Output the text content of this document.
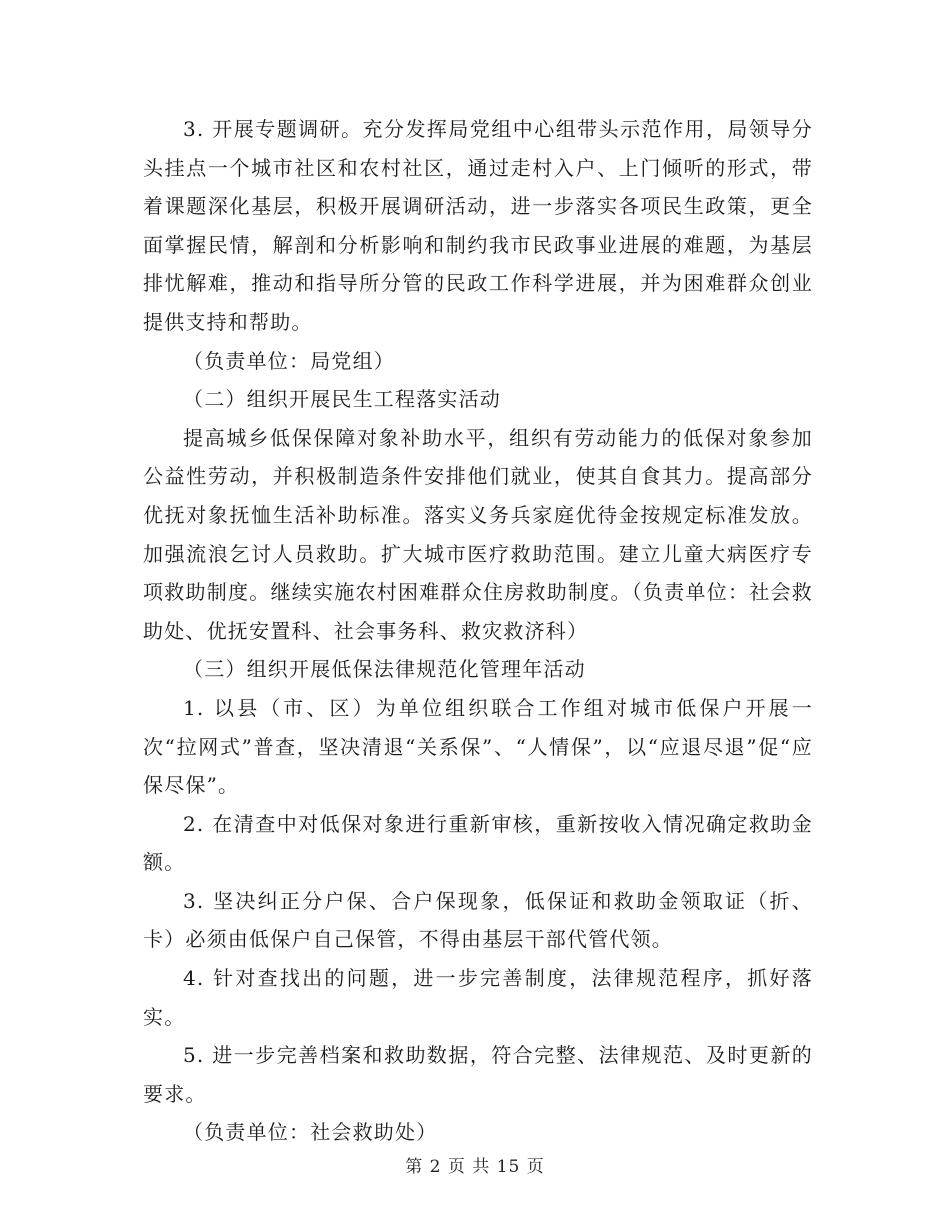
3. 开展专题调研。充分发挥局党组中心组带头示范作用，局领导分头挂点一个城市社区和农村社区，通过走村入户、上门倾听的形式，带着课题深化基层，积极开展调研活动，进一步落实各项民生政策，更全面掌握民情，解剖和分析影响和制约我市民政事业进展的难题，为基层排忧解难，推动和指导所分管的民政工作科学进展，并为困难群众创业提供支持和帮助。

（负责单位：局党组）

（二）组织开展民生工程落实活动

提高城乡低保保障对象补助水平，组织有劳动能力的低保对象参加公益性劳动，并积极制造条件安排他们就业，使其自食其力。提高部分优抚对象抚恤生活补助标准。落实义务兵家庭优待金按规定标准发放。加强流浪乞讨人员救助。扩大城市医疗救助范围。建立儿童大病医疗专项救助制度。继续实施农村困难群众住房救助制度。（负责单位：社会救助处、优抚安置科、社会事务科、救灾救济科）

（三）组织开展低保法律规范化管理年活动

1. 以县（市、区）为单位组织联合工作组对城市低保户开展一次“拉网式”普查，坚决清退“关系保”、“人情保”，以“应退尽退”促“应保尽保”。

2. 在清查中对低保对象进行重新审核，重新按收入情况确定救助金额。

3. 坚决纠正分户保、合户保现象，低保证和救助金领取证（折、卡）必须由低保户自己保管，不得由基层干部代管代领。

4. 针对查找出的问题，进一步完善制度，法律规范程序，抓好落实。

5. 进一步完善档案和救助数据，符合完整、法律规范、及时更新的要求。

（负责单位：社会救助处）

第 2 页 共 15 页
